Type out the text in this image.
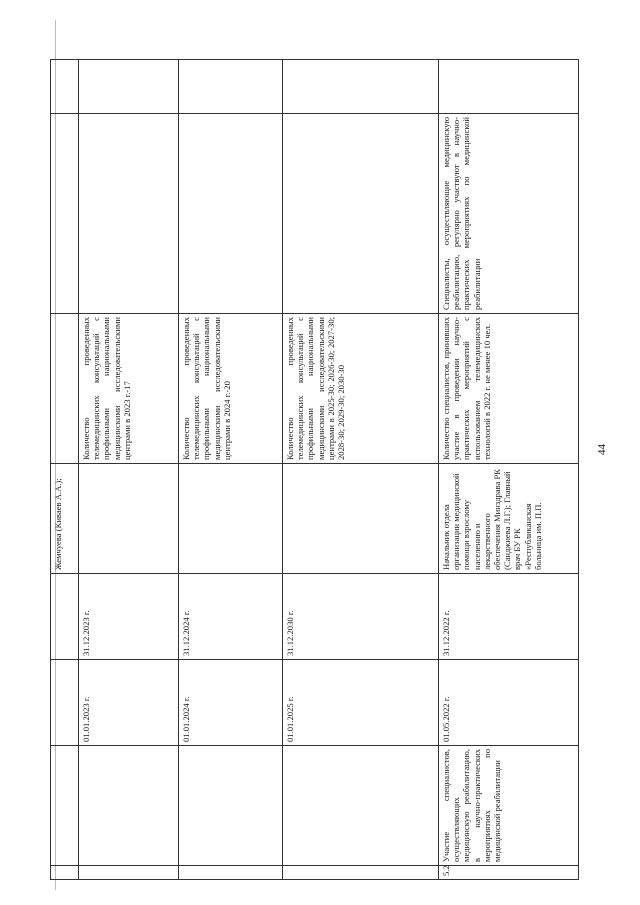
				Жемчуева (Киваев А.А.);			
		01.01.2023 г.	31.12.2023 г.		Количество проведенных телемедицинских консультаций с профильными национальными медицинскими исследовательскими центрами в 2023 г.-17		
		01.01.2024 г.	31.12.2024 г.		Количество проведенных телемедицинских консультаций с профильными национальными медицинскими исследовательскими центрами в 2024 г.-20		
		01.01.2025 г.	31.12.2030 г.		Количество проведенных телемедицинских консультаций с профильными национальными медицинскими исследовательскими центрами в 2025-30; 2026-30; 2027-30; 2028-30; 2029-30; 2030-30		
5.2	Участие специалистов, осуществляющих медицинскую реабилитацию, в научно-практических мероприятиях по медицинской реабилитации	01.05.2022 г.	31.12.2022 г.	Начальник отдела организации медицинской помощи взрослому населению и лекарственного обеспечения Минздрава РК (Санджиева Л.Г.); Главный врач БУ РК «Республиканская больница им. П.П.	Количество специалистов, принявших участие в проведении научно-практических мероприятий с использованием телемедицинских технологий в 2022 г. не менее 10 чел.	Специалисты, осуществляющие медицинскую реабилитацию, регулярно участвуют в научно-практических мероприятиях по медицинской реабилитации	
44
